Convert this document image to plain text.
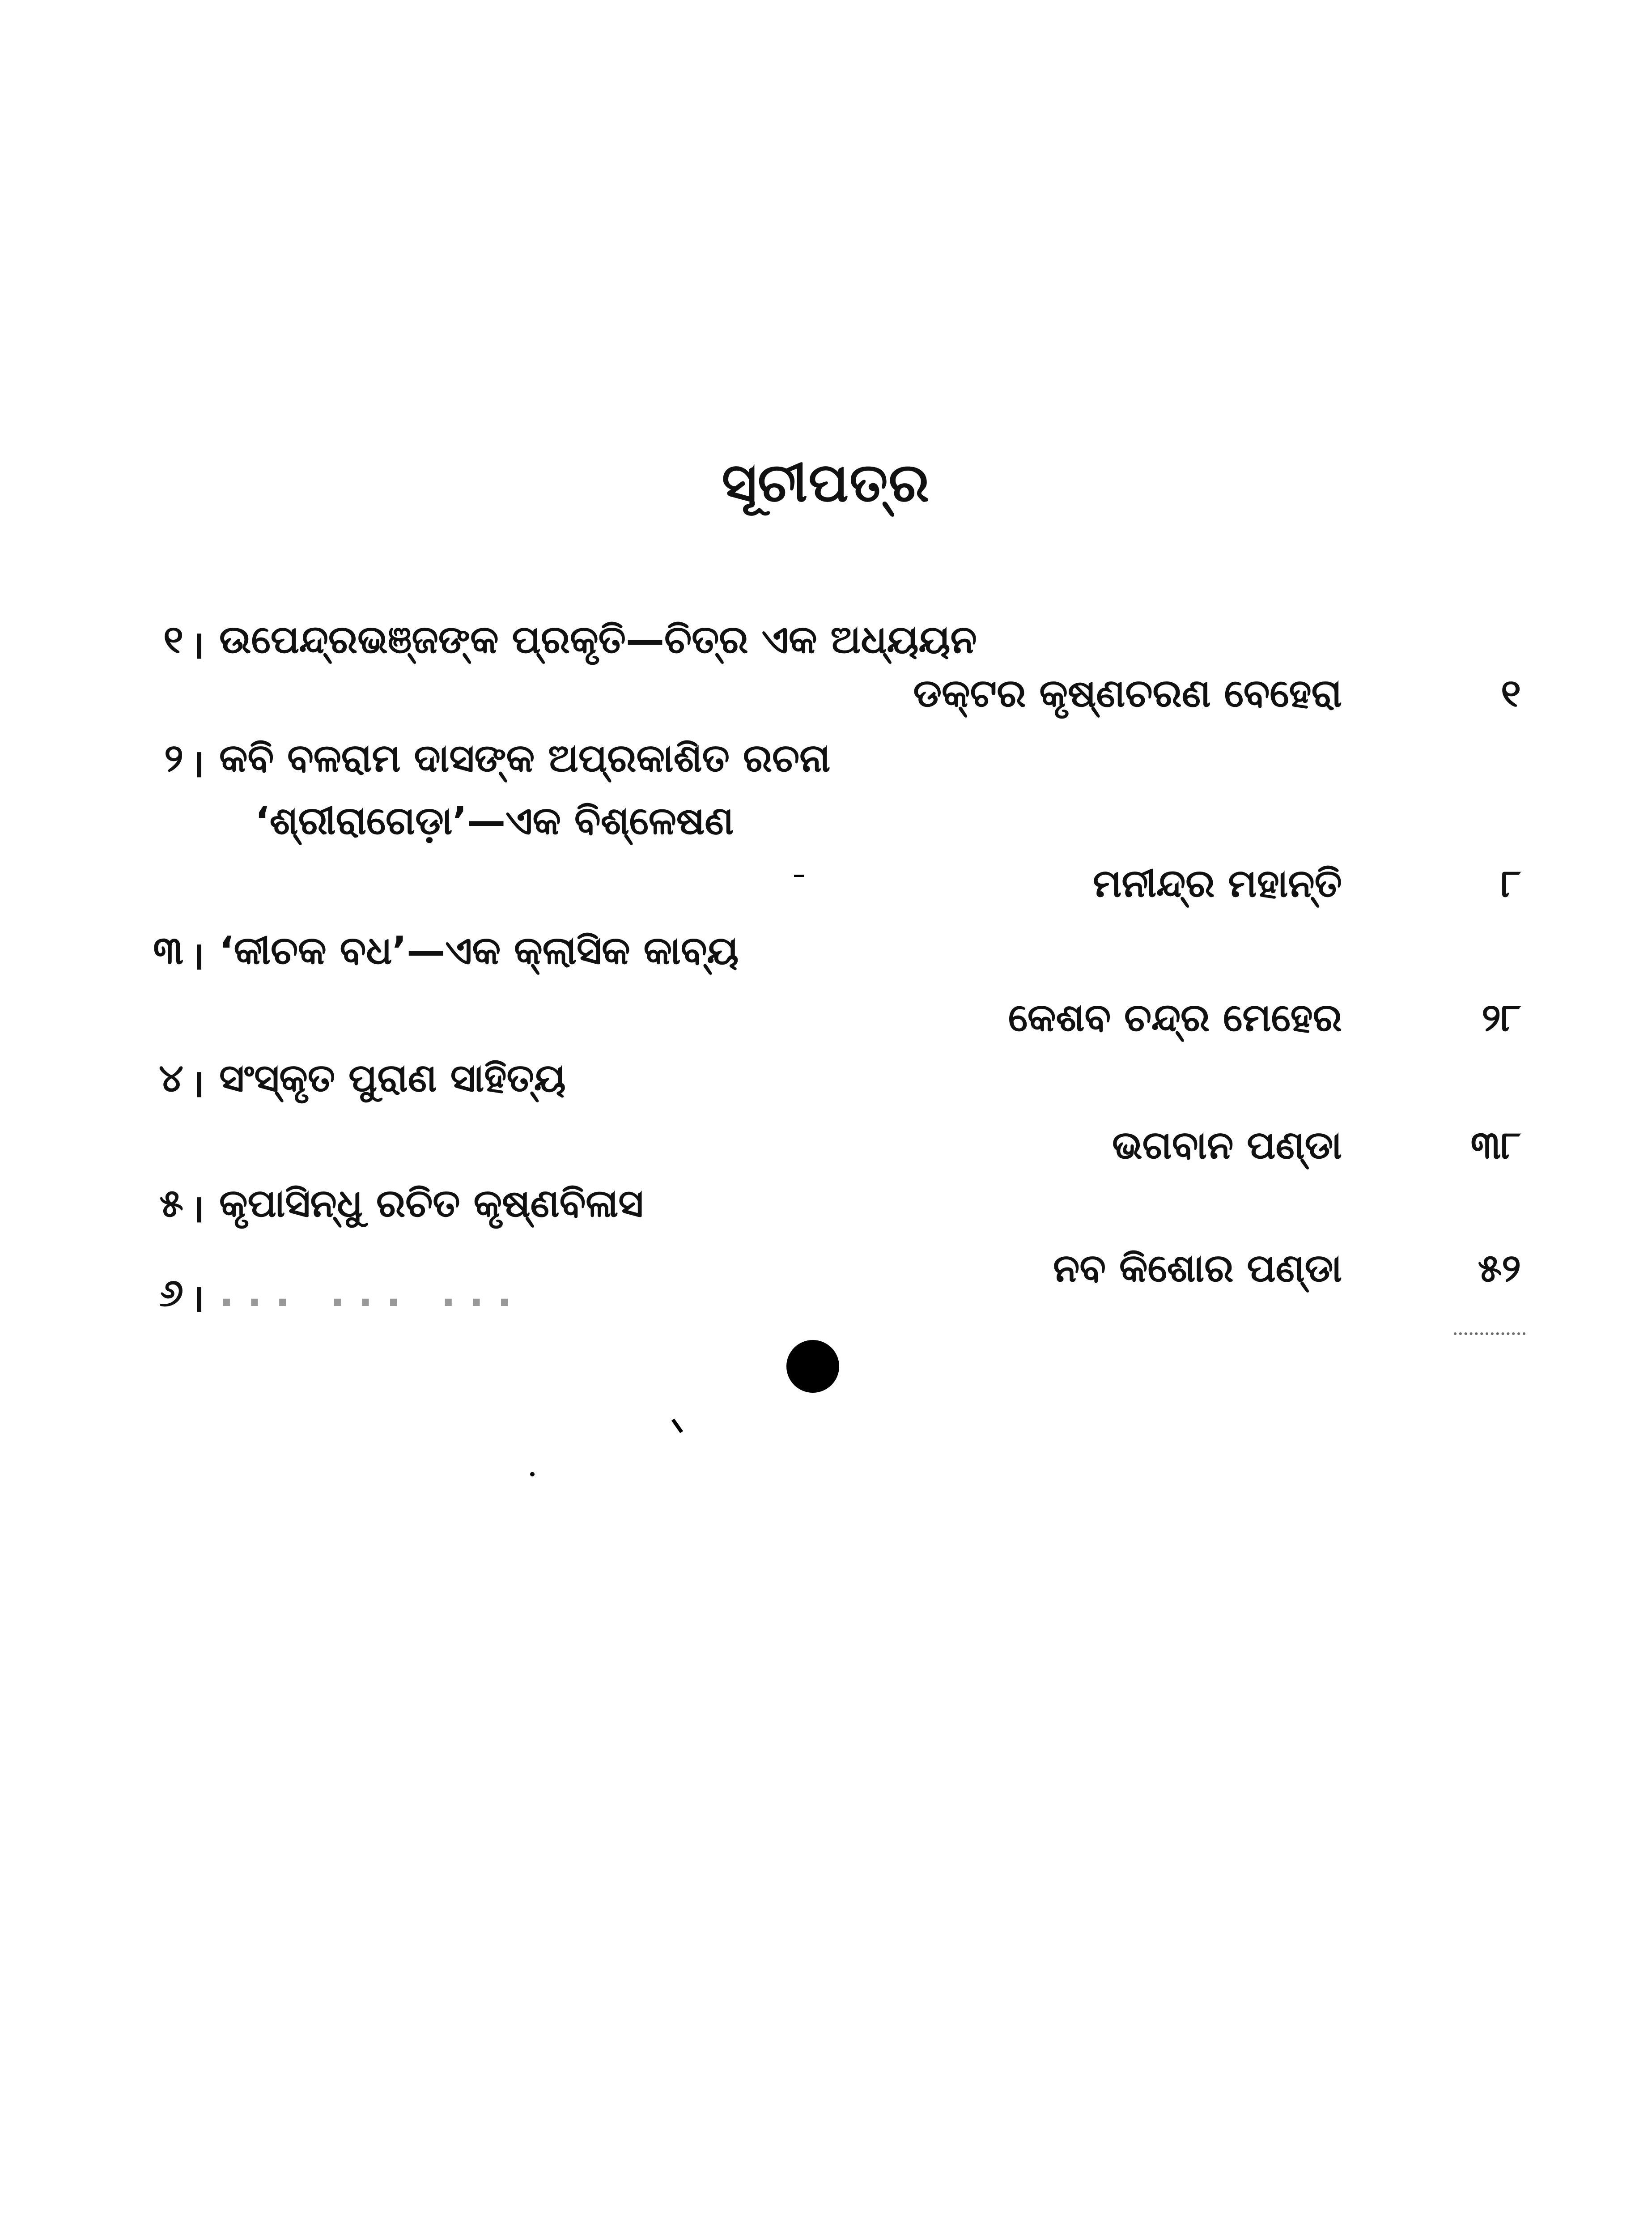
ସୂଚୀପତ୍ର
୧ । ଉପେନ୍ଦ୍ରଭଞ୍ଜଙ୍କ ପ୍ରକୃତି—ଚିତ୍ର ଏକ ଅଧ୍ୟୟନ
ଡକ୍ଟର କୃଷ୍ଣଚରଣ ବେହେରା	୧
୨ । କବି ବଳରାମ ଦାସଙ୍କ ଅପ୍ରକାଶିତ ରଚନା
‘ଶ୍ରୀରାଗେଡ଼ା’—ଏକ ବିଶ୍ଳେଷଣ
ମନୀନ୍ଦ୍ର ମହାନ୍ତି	୮
୩ । ‘କୀଚକ ବଧ’—ଏକ କ୍ଲାସିକ କାବ୍ୟ
କେଶବ ଚନ୍ଦ୍ର ମେହେର	୨୮
୪ । ସଂସ୍କୃତ ପୁରାଣ ସାହିତ୍ୟ
ଭଗବାନ ପଣ୍ଡା	୩୮
୫ । କୃପାସିନ୍ଧୁ ରଚିତ କୃଷ୍ଣବିଳାସ
ନବ କିଶୋର ପଣ୍ଡା	୫୨
୬ । ... ... ...
